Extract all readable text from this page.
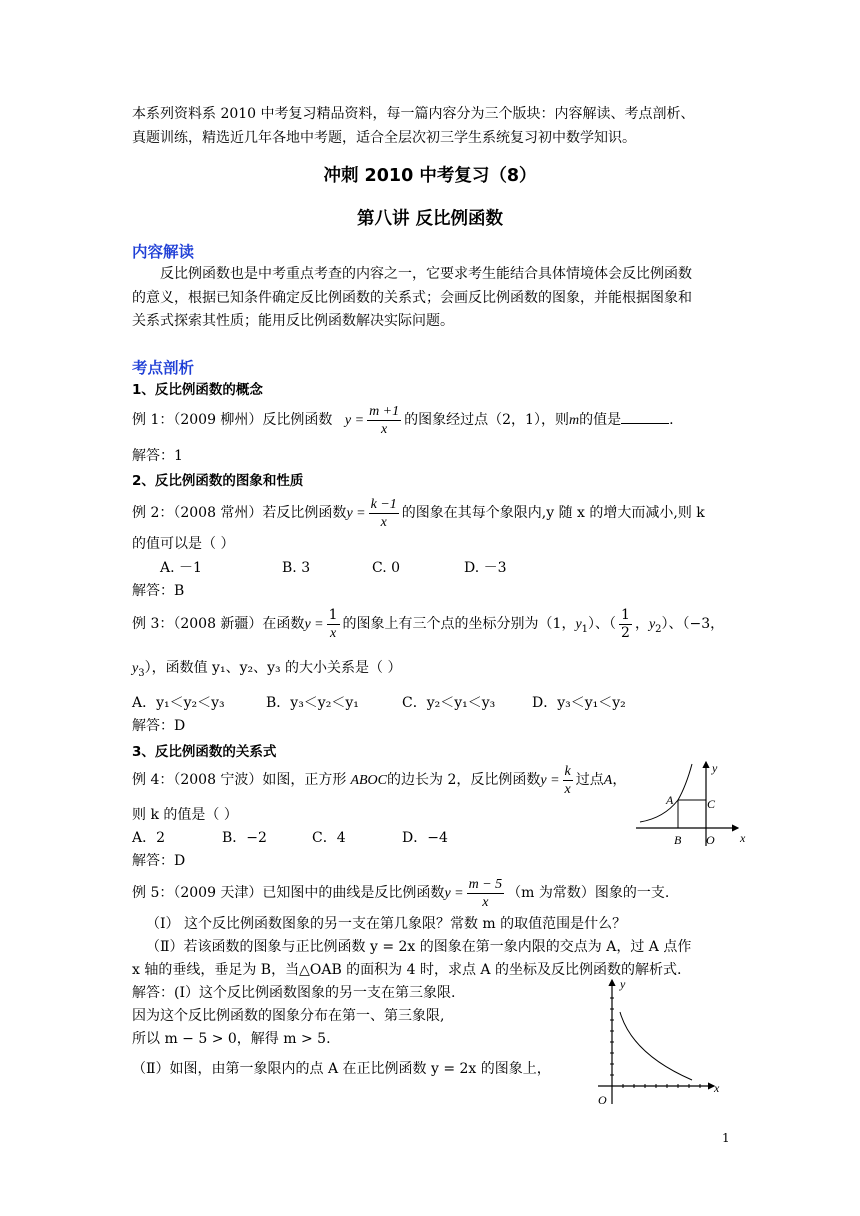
本系列资料系 2010 中考复习精品资料，每一篇内容分为三个版块：内容解读、考点剖析、
真题训练，精选近几年各地中考题，适合全层次初三学生系统复习初中数学知识。
冲刺 2010 中考复习（8）
第八讲 反比例函数
内容解读
反比例函数也是中考重点考查的内容之一，它要求考生能结合具体情境体会反比例函数
的意义，根据已知条件确定反比例函数的关系式；会画反比例函数的图象，并能根据图象和
关系式探索其性质；能用反比例函数解决实际问题。
考点剖析
1、反比例函数的概念
例 1：（2009 柳州）反比例函数 $y = \frac{m +1}{x}$ 的图象经过点（2，1），则m的值是	.
解答：1
2、反比例函数的图象和性质
例 2：（2008 常州）若反比例函数$y = \frac{k -1}{x}$ 的图象在其每个象限内,y 随 x 的增大而减小,则 k
的值可以是（ ）
A. －1	B. 3	C. 0	D. －3
解答：B
例 3：（2008 新疆）在函数$y = \frac{1}{x}$ 的图象上有三个点的坐标分别为（1，$y_1$）、（ $\frac{1}{2}$ ，$y_2$）、（−3，
$y_3$），函数值 y₁、y₂、y₃ 的大小关系是（ ）
A．y₁＜y₂＜y₃	B．y₃＜y₂＜y₁	C．y₂＜y₁＜y₃	D．y₃＜y₁＜y₂
解答：D
3、反比例函数的关系式
例 4：（2008 宁波）如图，正方形 ABOC的边长为 2，反比例函数$y = \frac{k}{x}$ 过点A，
则 k 的值是（ ）
A．2	B．−2	C．4	D．−4
解答：D
y
x
A
B
C
O
例 5：（2009 天津）已知图中的曲线是反比例函数$y = \frac{m - 5}{x} (m$ 为常数）图象的一支.
（Ⅰ） 这个反比例函数图象的另一支在第几象限？常数 m 的取值范围是什么？
（Ⅱ）若该函数的图象与正比例函数 y = 2x 的图象在第一象内限的交点为 A，过 A 点作
x 轴的垂线，垂足为 B，当△OAB 的面积为 4 时，求点 A 的坐标及反比例函数的解析式.
解答：(Ⅰ）这个反比例函数图象的另一支在第三象限.
因为这个反比例函数的图象分布在第一、第三象限,
所以 m − 5 > 0，解得 m > 5.
（Ⅱ）如图，由第一象限内的点 A 在正比例函数 y = 2x 的图象上，
y
x
O
1
